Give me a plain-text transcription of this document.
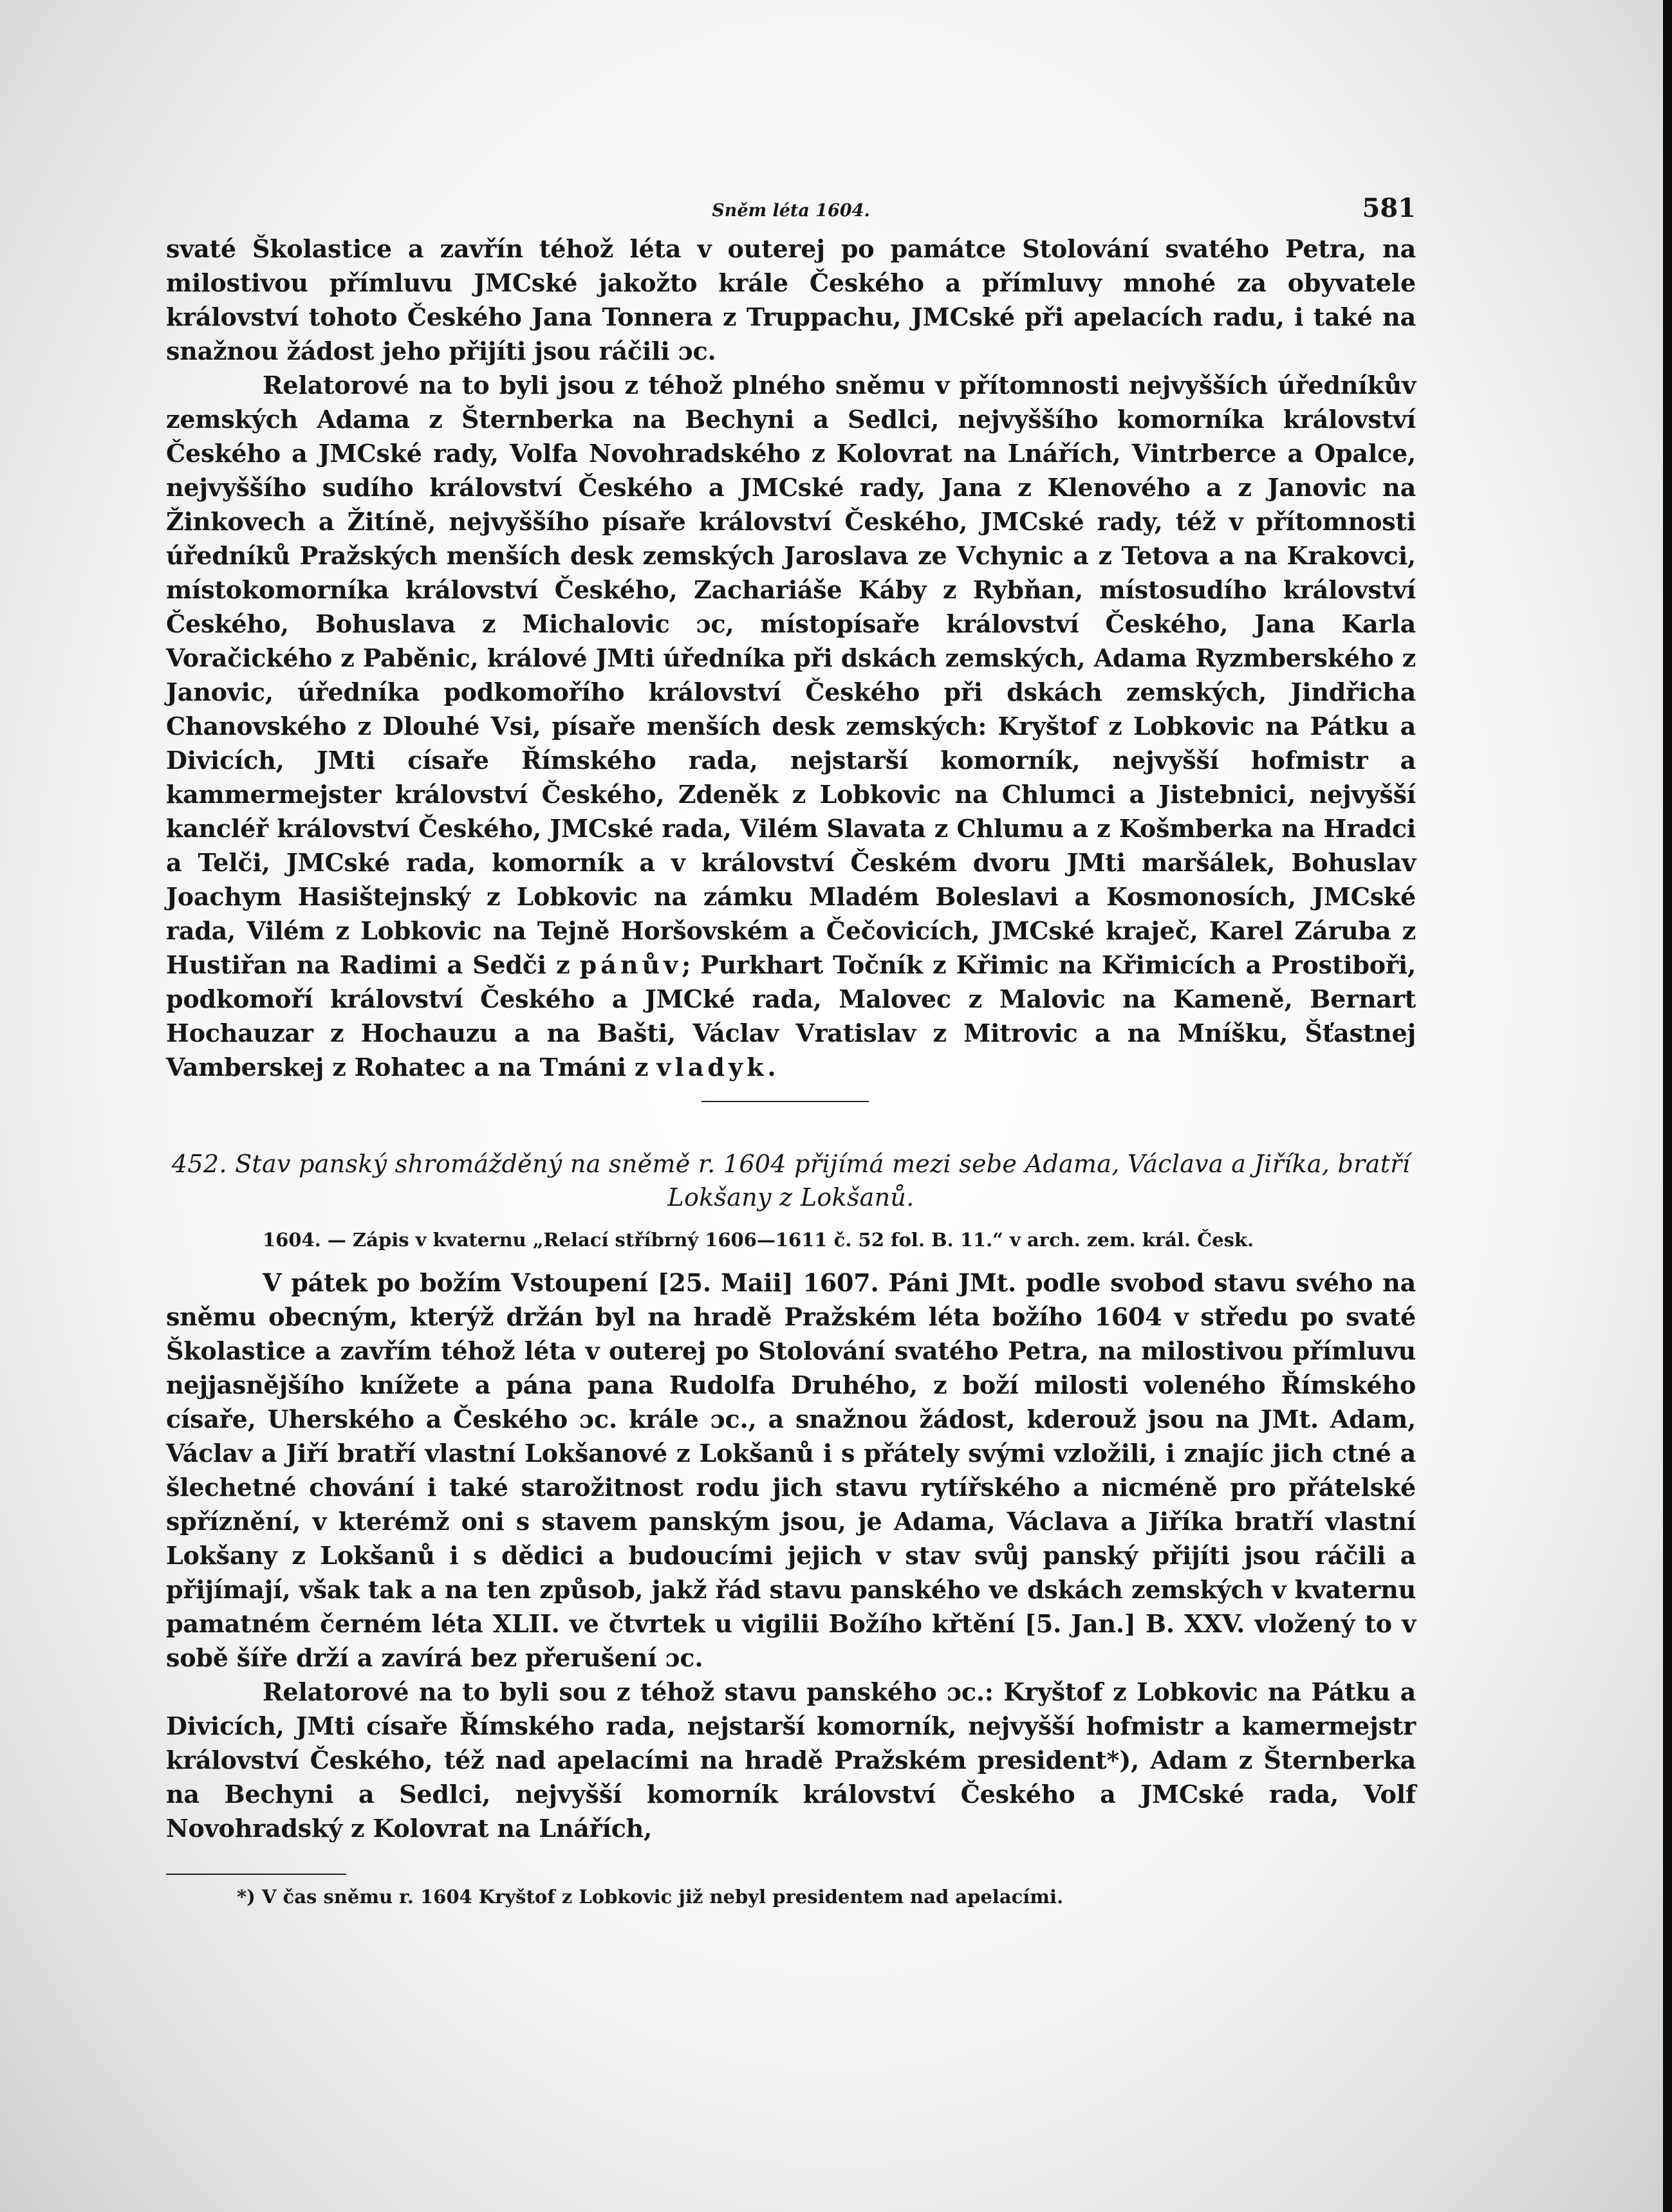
Sněm léta 1604.	581

svaté Školastice a zavřín téhož léta v outerej po památce Stolování svatého Petra, na milostivou přímluvu JMCské jakožto krále Českého a přímluvy mnohé za obyvatele království tohoto Českého Jana Tonnera z Truppachu, JMCské při apelacích radu, i také na snažnou žádost jeho přijíti jsou ráčili ɔc.

Relatorové na to byli jsou z téhož plného sněmu v přítomnosti nejvyšších úředníkův zemských Adama z Šternberka na Bechyni a Sedlci, nejvyššího komorníka království Českého a JMCské rady, Volfa Novohradského z Kolovrat na Lnářích, Vintrberce a Opalce, nejvyššího sudího království Českého a JMCské rady, Jana z Klenového a z Janovic na Žinkovech a Žitíně, nejvyššího písaře království Českého, JMCské rady, též v přítomnosti úředníků Pražských menších desk zemských Jaroslava ze Vchynic a z Tetova a na Krakovci, místokomorníka království Českého, Zachariáše Káby z Rybňan, místosudího království Českého, Bohuslava z Michalovic ɔc, místopísaře království Českého, Jana Karla Voračického z Paběnic, králové JMti úředníka při dskách zemských, Adama Ryzmberského z Janovic, úředníka podkomořího království Českého při dskách zemských, Jindřicha Chanovského z Dlouhé Vsi, písaře menších desk zemských: Kryštof z Lobkovic na Pátku a Divicích, JMti císaře Římského rada, nejstarší komorník, nejvyšší hofmistr a kammermejster království Českého, Zdeněk z Lobkovic na Chlumci a Jistebnici, nejvyšší kancléř království Českého, JMCské rada, Vilém Slavata z Chlumu a z Košmberka na Hradci a Telči, JMCské rada, komorník a v království Českém dvoru JMti maršálek, Bohuslav Joachym Hasištejnský z Lobkovic na zámku Mladém Boleslavi a Kosmonosích, JMCské rada, Vilém z Lobkovic na Tejně Horšovském a Čečovicích, JMCské kraječ, Karel Záruba z Hustiřan na Radimi a Sedči z pánův; Purkhart Točník z Křimic na Křimicích a Prostiboři, podkomoří království Českého a JMCké rada, Malovec z Malovic na Kameně, Bernart Hochauzar z Hochauzu a na Bašti, Václav Vratislav z Mitrovic a na Mníšku, Šťastnej Vamberskej z Rohatec a na Tmáni z vladyk.

452. Stav panský shromážděný na sněmě r. 1604 přijímá mezi sebe Adama, Václava a Jiříka, bratří Lokšany z Lokšanů.

1604. — Zápis v kvaternu „Relací stříbrný 1606—1611 č. 52 fol. B. 11.“ v arch. zem. král. Česk.

V pátek po božím Vstoupení [25. Maii] 1607. Páni JMt. podle svobod stavu svého na sněmu obecným, kterýž držán byl na hradě Pražském léta božího 1604 v středu po svaté Školastice a zavřím téhož léta v outerej po Stolování svatého Petra, na milostivou přímluvu nejjasnějšího knížete a pána pana Rudolfa Druhého, z boží milosti voleného Římského císaře, Uherského a Českého ɔc. krále ɔc., a snažnou žádost, kderouž jsou na JMt. Adam, Václav a Jiří bratří vlastní Lokšanové z Lokšanů i s přátely svými vzložili, i znajíc jich ctné a šlechetné chování i také starožitnost rodu jich stavu rytířského a nicméně pro přátelské spříznění, v kterémž oni s stavem panským jsou, je Adama, Václava a Jiříka bratří vlastní Lokšany z Lokšanů i s dědici a budoucími jejich v stav svůj panský přijíti jsou ráčili a přijímají, však tak a na ten způsob, jakž řád stavu panského ve dskách zemských v kvaternu pamatném černém léta XLII. ve čtvrtek u vigilii Božího křtění [5. Jan.] B. XXV. vložený to v sobě šíře drží a zavírá bez přerušení ɔc.

Relatorové na to byli sou z téhož stavu panského ɔc.: Kryštof z Lobkovic na Pátku a Divicích, JMti císaře Římského rada, nejstarší komorník, nejvyšší hofmistr a kamermejstr království Českého, též nad apelacími na hradě Pražském president*), Adam z Šternberka na Bechyni a Sedlci, nejvyšší komorník království Českého a JMCské rada, Volf Novohradský z Kolovrat na Lnářích,

*) V čas sněmu r. 1604 Kryštof z Lobkovic již nebyl presidentem nad apelacími.
